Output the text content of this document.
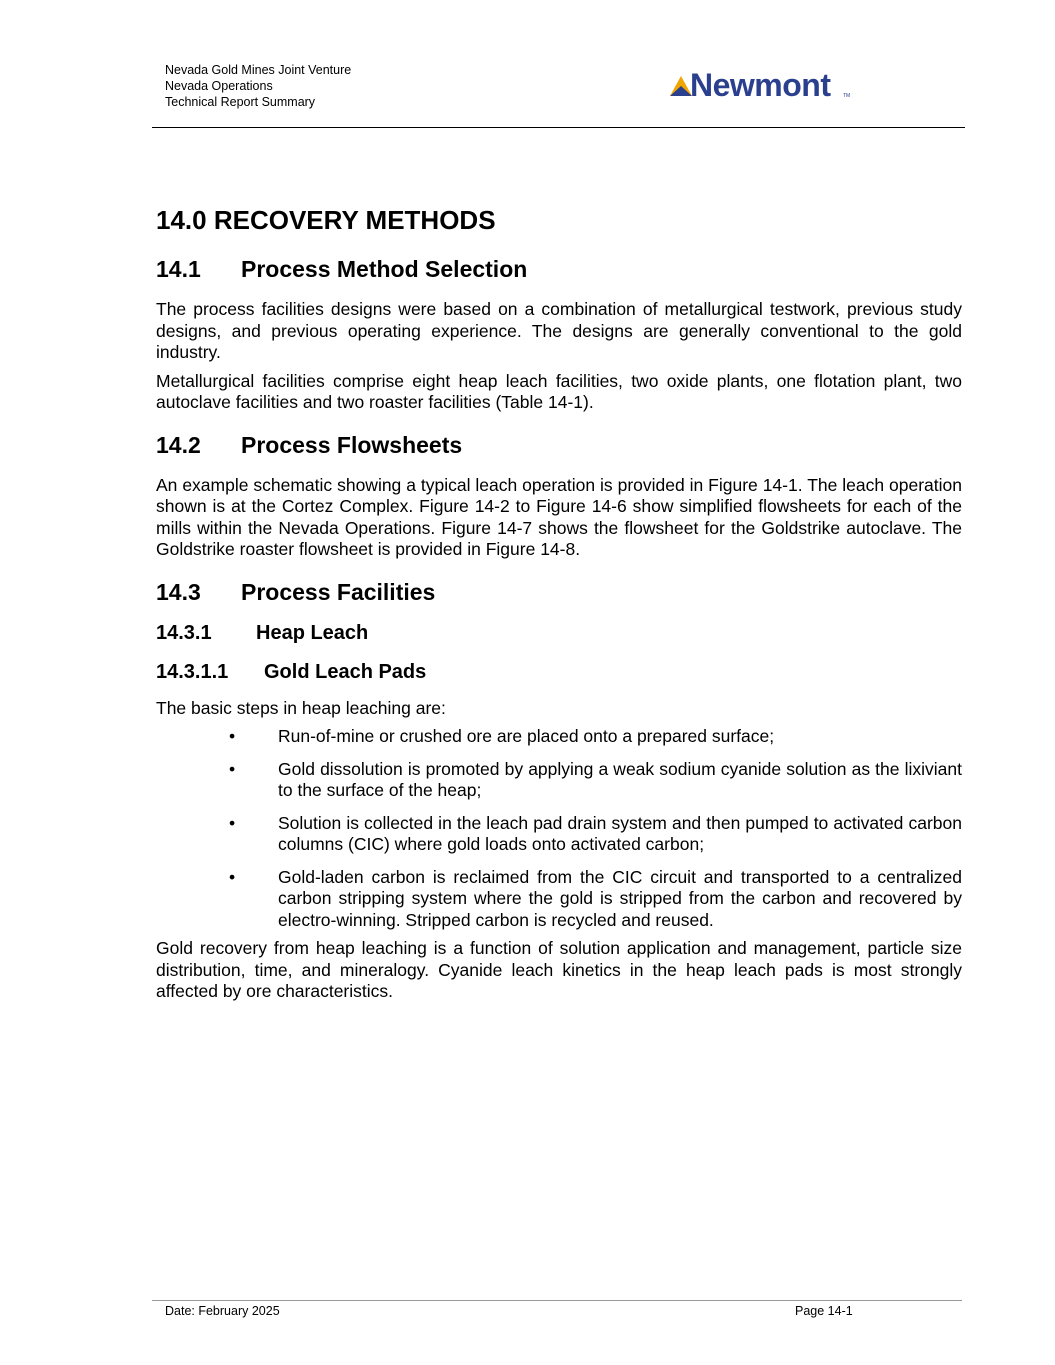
Nevada Gold Mines Joint Venture
Nevada Operations
Technical Report Summary	Newmont	TM
14.0 RECOVERY METHODS
14.1	Process Method Selection

The process facilities designs were based on a combination of metallurgical testwork, previous study designs, and previous operating experience. The designs are generally conventional to the gold industry.

Metallurgical facilities comprise eight heap leach facilities, two oxide plants, one flotation plant, two autoclave facilities and two roaster facilities (Table 14-1).

14.2	Process Flowsheets

An example schematic showing a typical leach operation is provided in Figure 14-1. The leach operation shown is at the Cortez Complex. Figure 14-2 to Figure 14-6 show simplified flowsheets for each of the mills within the Nevada Operations. Figure 14-7 shows the flowsheet for the Goldstrike autoclave. The Goldstrike roaster flowsheet is provided in Figure 14-8.

14.3	Process Facilities
14.3.1	Heap Leach
14.3.1.1	Gold Leach Pads

The basic steps in heap leaching are:

• Run-of-mine or crushed ore are placed onto a prepared surface;
• Gold dissolution is promoted by applying a weak sodium cyanide solution as the lixiviant to the surface of the heap;
• Solution is collected in the leach pad drain system and then pumped to activated carbon columns (CIC) where gold loads onto activated carbon;
• Gold-laden carbon is reclaimed from the CIC circuit and transported to a centralized carbon stripping system where the gold is stripped from the carbon and recovered by electro-winning. Stripped carbon is recycled and reused.

Gold recovery from heap leaching is a function of solution application and management, particle size distribution, time, and mineralogy. Cyanide leach kinetics in the heap leach pads is most strongly affected by ore characteristics.

Date: February 2025	Page 14-1
